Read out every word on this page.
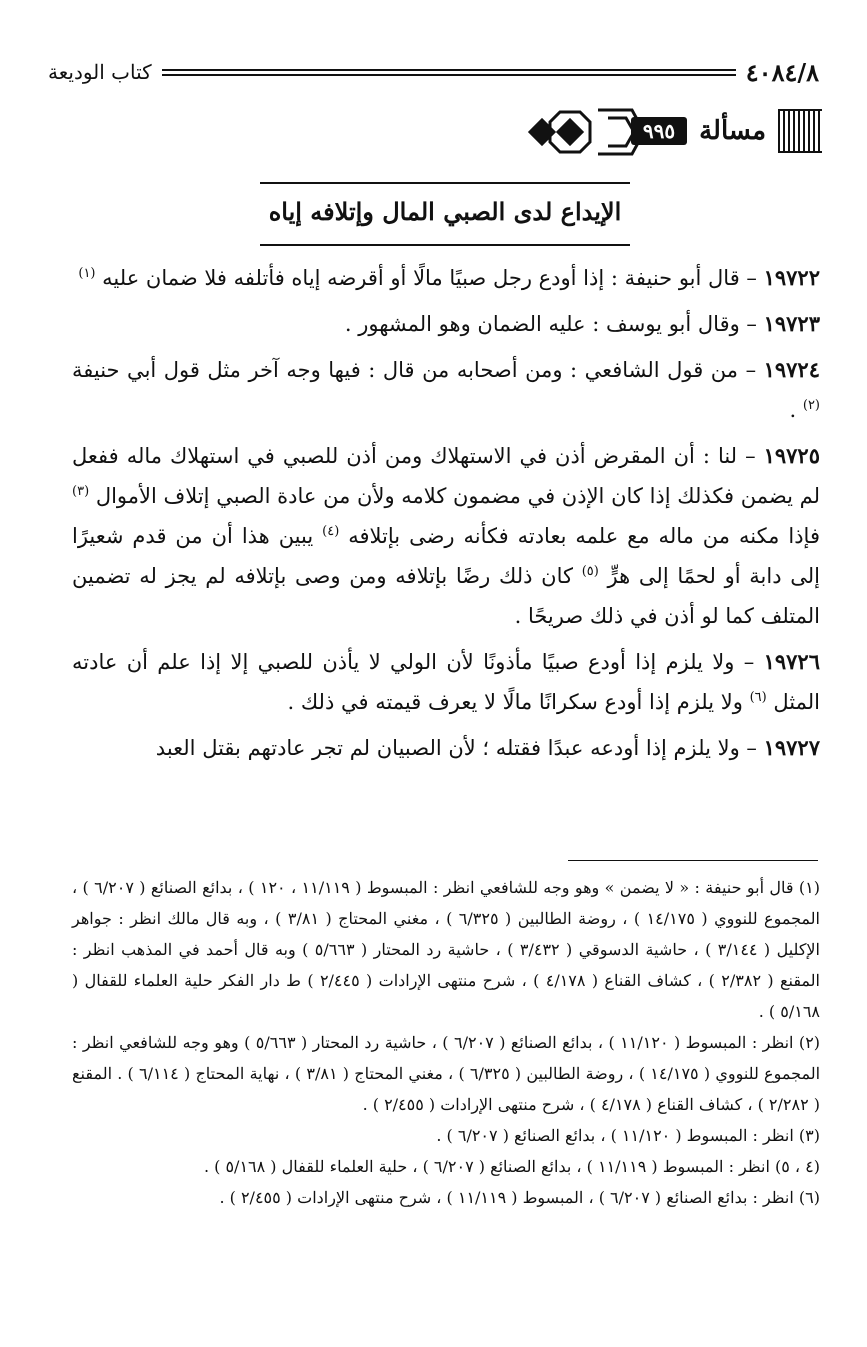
٤٠٨٤/٨
كتاب الوديعة
مسألة
٩٩٥
الإيداع لدى الصبي المال وإتلافه إياه

١٩٧٢٢ – قال أبو حنيفة : إذا أودع رجل صبيًا مالًا أو أقرضه إياه فأتلفه فلا ضمان عليه $^{(١)}$

١٩٧٢٣ – وقال أبو يوسف : عليه الضمان وهو المشهور .

١٩٧٢٤ – من قول الشافعي : ومن أصحابه من قال : فيها وجه آخر مثل قول أبي حنيفة $^{(٢)}$ .

١٩٧٢٥ – لنا : أن المقرض أذن في الاستهلاك ومن أذن للصبي في استهلاك ماله ففعل لم يضمن فكذلك إذا كان الإذن في مضمون كلامه ولأن من عادة الصبي إتلاف الأموال $^{(٣)}$ فإذا مكنه من ماله مع علمه بعادته فكأنه رضى بإتلافه $^{(٤)}$ يبين هذا أن من قدم شعيرًا إلى دابة أو لحمًا إلى هرٍّ $^{(٥)}$ كان ذلك رضًا بإتلافه ومن وصى بإتلافه لم يجز له تضمين المتلف كما لو أذن في ذلك صريحًا .

١٩٧٢٦ – ولا يلزم إذا أودع صبيًا مأذونًا لأن الولي لا يأذن للصبي إلا إذا علم أن عادته المثل $^{(٦)}$ ولا يلزم إذا أودع سكرانًا مالًا لا يعرف قيمته في ذلك .

١٩٧٢٧ – ولا يلزم إذا أودعه عبدًا فقتله ؛ لأن الصبيان لم تجر عادتهم بقتل العبد

(١) قال أبو حنيفة : « لا يضمن » وهو وجه للشافعي انظر : المبسوط ( ١١/١١٩ ، ١٢٠ ) ، بدائع الصنائع ( ٦/٢٠٧ ) ، المجموع للنووي ( ١٤/١٧٥ ) ، روضة الطالبين ( ٦/٣٢٥ ) ، مغني المحتاج ( ٣/٨١ ) ، وبه قال مالك انظر : جواهر الإكليل ( ٣/١٤٤ ) ، حاشية الدسوقي ( ٣/٤٣٢ ) ، حاشية رد المحتار ( ٥/٦٦٣ ) وبه قال أحمد في المذهب انظر : المقنع ( ٢/٣٨٢ ) ، كشاف القناع ( ٤/١٧٨ ) ، شرح منتهى الإرادات ( ٢/٤٤٥ ) ط دار الفكر حلية العلماء للقفال ( ٥/١٦٨ ) .

(٢) انظر : المبسوط ( ١١/١٢٠ ) ، بدائع الصنائع ( ٦/٢٠٧ ) ، حاشية رد المحتار ( ٥/٦٦٣ ) وهو وجه للشافعي انظر : المجموع للنووي ( ١٤/١٧٥ ) ، روضة الطالبين ( ٦/٣٢٥ ) ، مغني المحتاج ( ٣/٨١ ) ، نهاية المحتاج ( ٦/١١٤ ) . المقنع ( ٢/٢٨٢ ) ، كشاف القناع ( ٤/١٧٨ ) ، شرح منتهى الإرادات ( ٢/٤٥٥ ) .

(٣) انظر : المبسوط ( ١١/١٢٠ ) ، بدائع الصنائع ( ٦/٢٠٧ ) .

(٤ ، ٥) انظر : المبسوط ( ١١/١١٩ ) ، بدائع الصنائع ( ٦/٢٠٧ ) ، حلية العلماء للقفال ( ٥/١٦٨ ) .

(٦) انظر : بدائع الصنائع ( ٦/٢٠٧ ) ، المبسوط ( ١١/١١٩ ) ، شرح منتهى الإرادات ( ٢/٤٥٥ ) .
